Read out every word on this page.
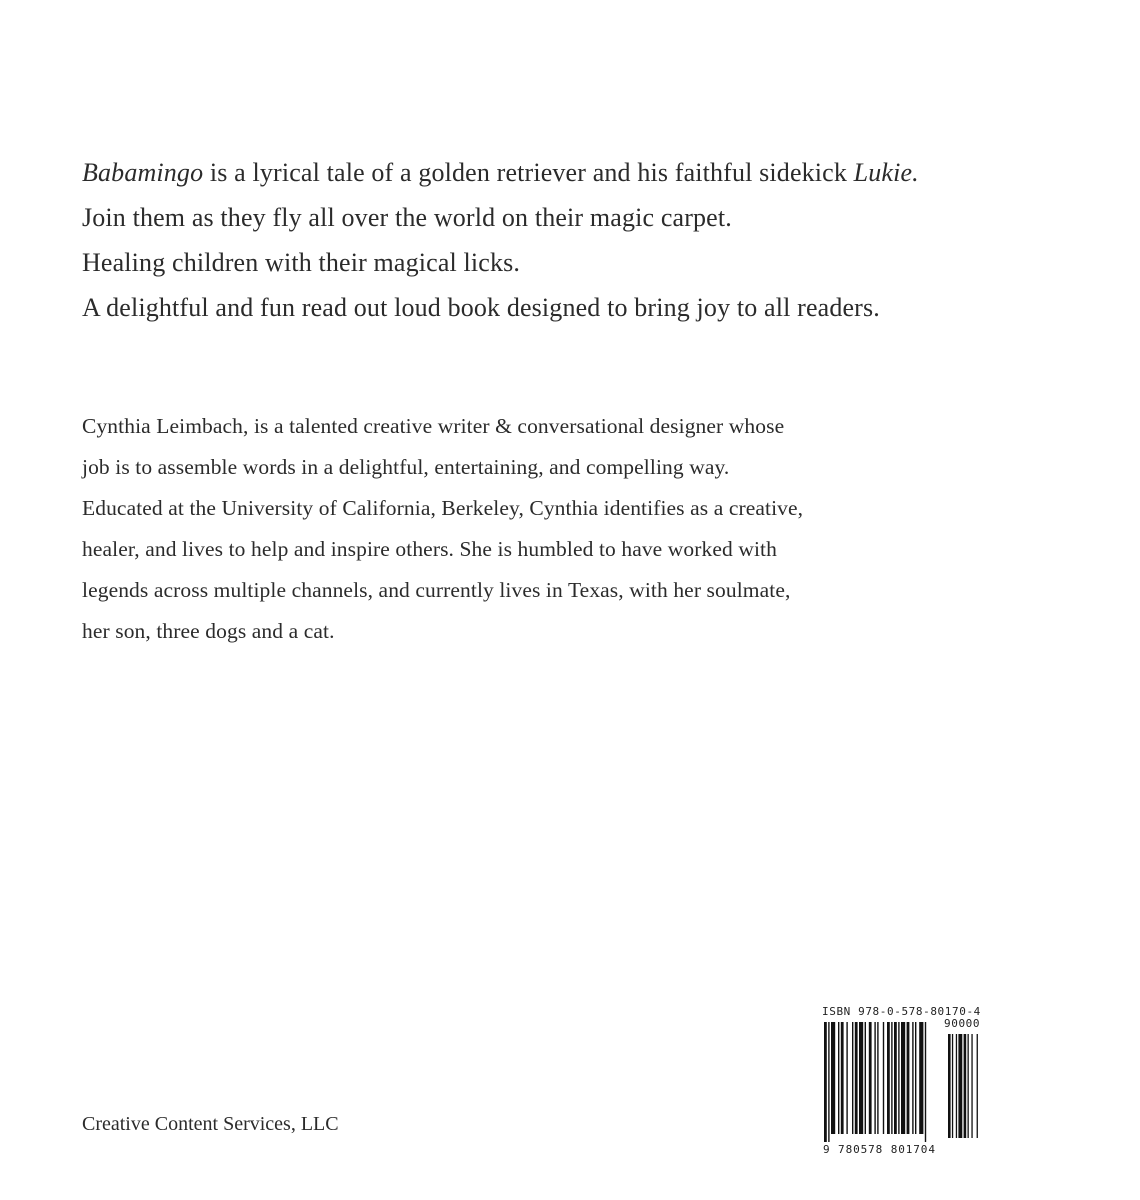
Babamingo is a lyrical tale of a golden retriever and his faithful sidekick Lukie.
Join them as they fly all over the world on their magic carpet.
Healing children with their magical licks.
A delightful and fun read out loud book designed to bring joy to all readers.
Cynthia Leimbach, is a talented creative writer & conversational designer whose
job is to assemble words in a delightful, entertaining, and compelling way.
Educated at the University of California, Berkeley, Cynthia identifies as a creative,
healer, and lives to help and inspire others. She is humbled to have worked with
legends across multiple channels, and currently lives in Texas, with her soulmate,
her son, three dogs and a cat.
ISBN 978-0-578-80170-4
90000
9 780578 801704
Creative Content Services, LLC
